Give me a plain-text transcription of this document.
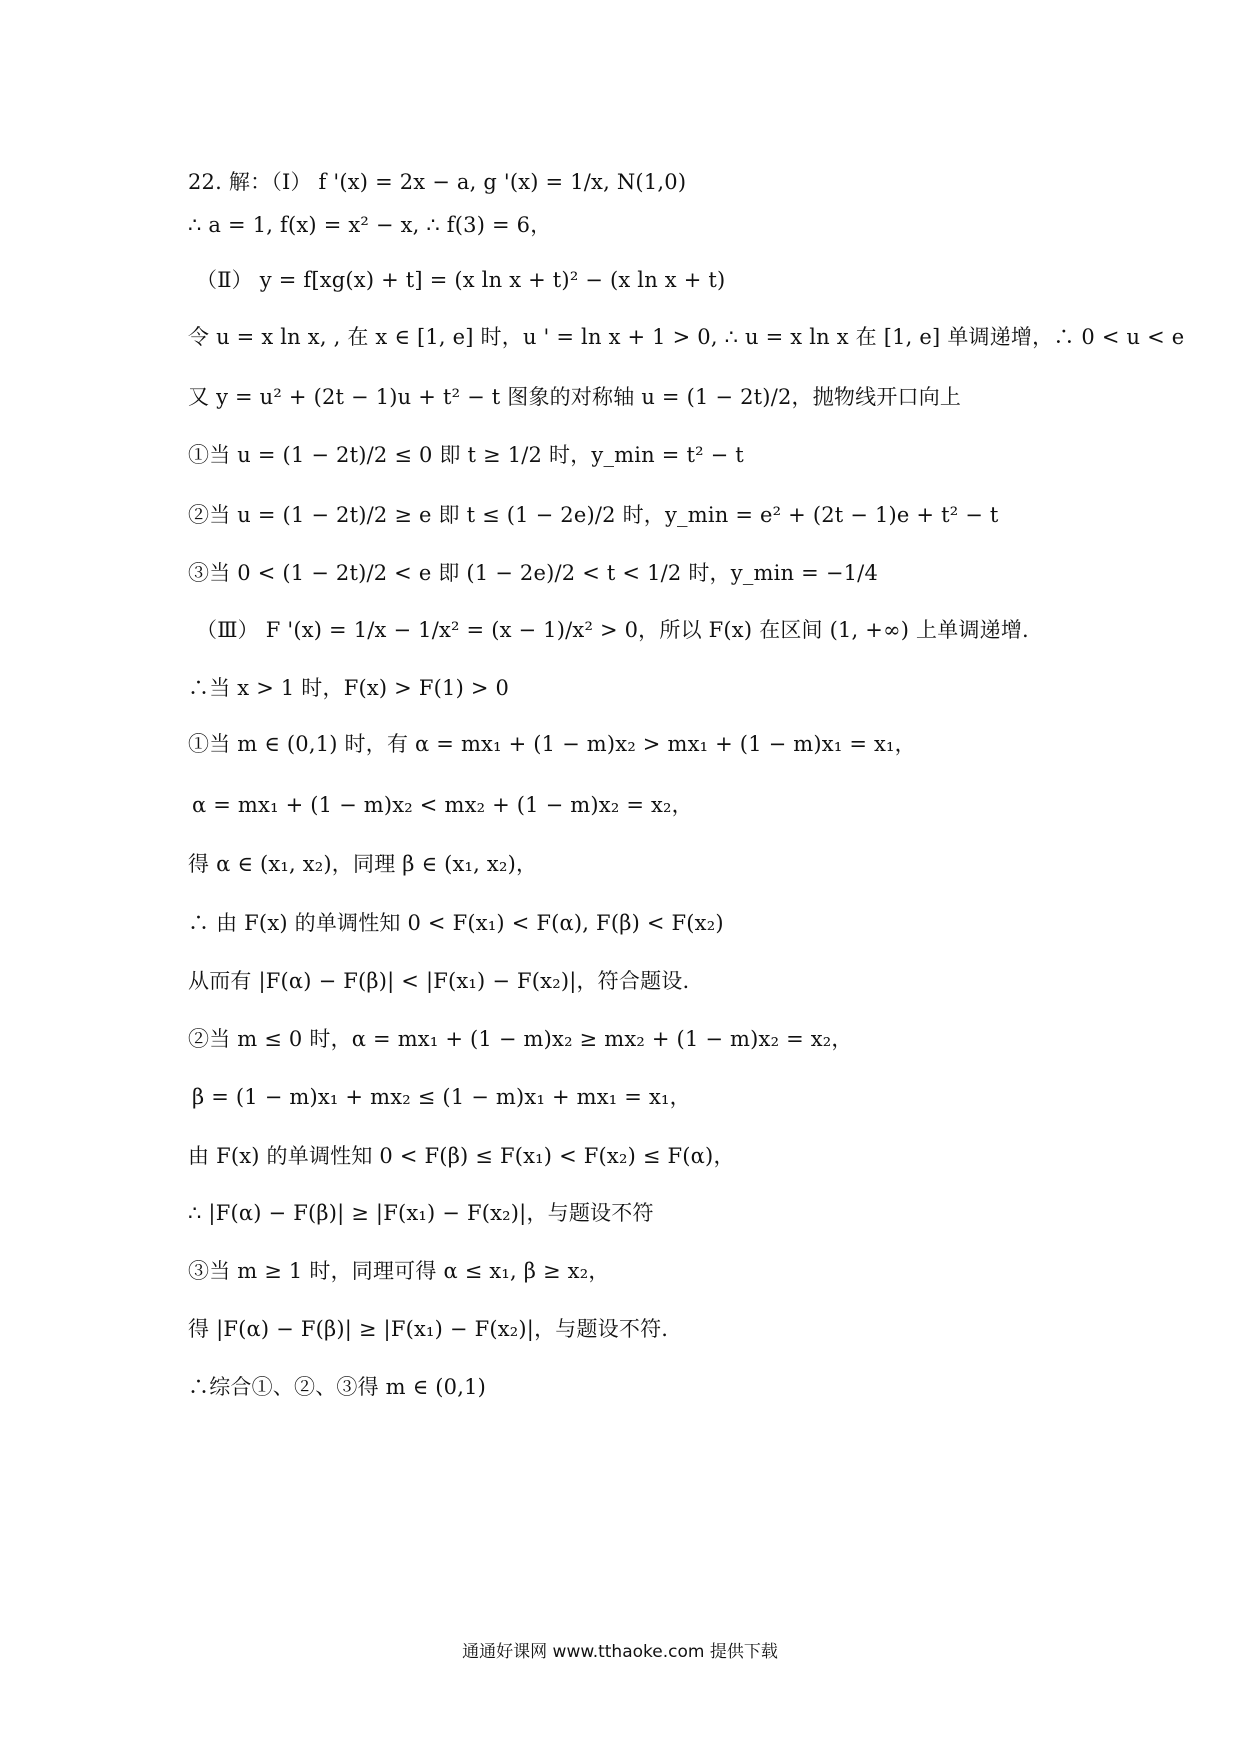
22. 解：（Ⅰ） f '(x) = 2x − a, g '(x) = 1/x, N(1,0)
∴ a = 1, f(x) = x² − x, ∴ f(3) = 6，
（Ⅱ） y = f[xg(x) + t] = (x ln x + t)² − (x ln x + t)
令 u = x ln x, , 在 x ∈ [1, e] 时，u ' = ln x + 1 > 0, ∴ u = x ln x 在 [1, e] 单调递增，∴ 0 < u < e
又 y = u² + (2t − 1)u + t² − t 图象的对称轴 u = (1 − 2t)/2，抛物线开口向上
①当 u = (1 − 2t)/2 ≤ 0 即 t ≥ 1/2 时，y_min = t² − t
②当 u = (1 − 2t)/2 ≥ e 即 t ≤ (1 − 2e)/2 时，y_min = e² + (2t − 1)e + t² − t
③当 0 < (1 − 2t)/2 < e 即 (1 − 2e)/2 < t < 1/2 时，y_min = −1/4
（Ⅲ） F '(x) = 1/x − 1/x² = (x − 1)/x² > 0，所以 F(x) 在区间 (1, +∞) 上单调递增.
∴当 x > 1 时，F(x) > F(1) > 0
①当 m ∈ (0,1) 时，有 α = mx₁ + (1 − m)x₂ > mx₁ + (1 − m)x₁ = x₁，
α = mx₁ + (1 − m)x₂ < mx₂ + (1 − m)x₂ = x₂，
得 α ∈ (x₁, x₂)，同理 β ∈ (x₁, x₂)，
∴ 由 F(x) 的单调性知 0 < F(x₁) < F(α), F(β) < F(x₂)
从而有 |F(α) − F(β)| < |F(x₁) − F(x₂)|，符合题设.
②当 m ≤ 0 时，α = mx₁ + (1 − m)x₂ ≥ mx₂ + (1 − m)x₂ = x₂，
β = (1 − m)x₁ + mx₂ ≤ (1 − m)x₁ + mx₁ = x₁，
由 F(x) 的单调性知 0 < F(β) ≤ F(x₁) < F(x₂) ≤ F(α)，
∴ |F(α) − F(β)| ≥ |F(x₁) − F(x₂)|，与题设不符
③当 m ≥ 1 时，同理可得 α ≤ x₁, β ≥ x₂，
得 |F(α) − F(β)| ≥ |F(x₁) − F(x₂)|，与题设不符.
∴综合①、②、③得 m ∈ (0,1)
通通好课网 www.tthaoke.com 提供下载
